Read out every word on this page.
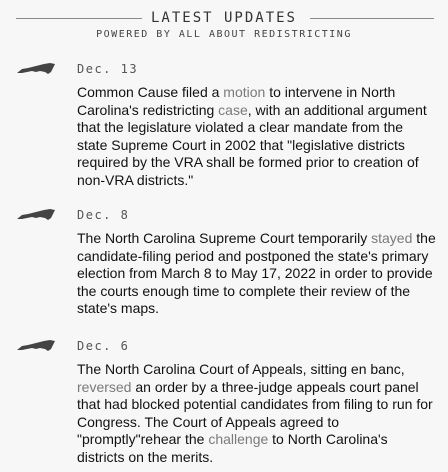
LATEST UPDATES
POWERED BY ALL ABOUT REDISTRICTING
Dec. 13
Common Cause filed a motion to intervene in North Carolina's redistricting case, with an additional argument that the legislature violated a clear mandate from the state Supreme Court in 2002 that "legislative districts required by the VRA shall be formed prior to creation of non-VRA districts."
Dec. 8
The North Carolina Supreme Court temporarily stayed the candidate-filing period and postponed the state's primary election from March 8 to May 17, 2022 in order to provide the courts enough time to complete their review of the state's maps.
Dec. 6
The North Carolina Court of Appeals, sitting en banc, reversed an order by a three-judge appeals court panel that had blocked potential candidates from filing to run for Congress. The Court of Appeals agreed to "promptly"rehear the challenge to North Carolina's districts on the merits.
